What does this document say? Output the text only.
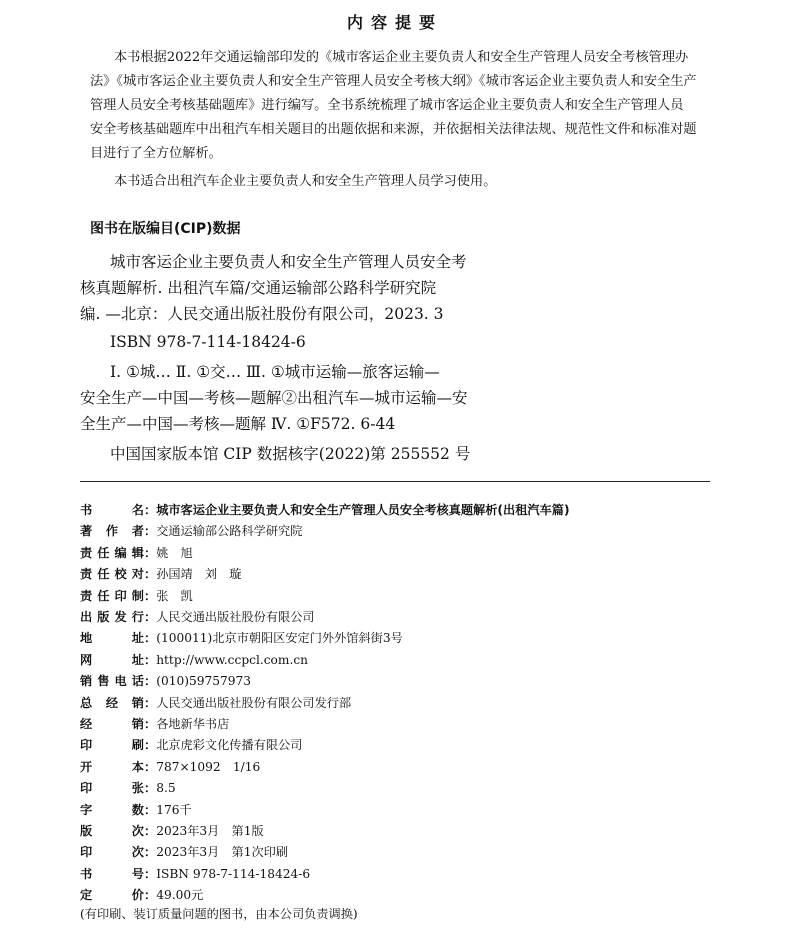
内容提要
本书根据2022年交通运输部印发的《城市客运企业主要负责人和安全生产管理人员安全考核管理办
法》《城市客运企业主要负责人和安全生产管理人员安全考核大纲》《城市客运企业主要负责人和安全生产
管理人员安全考核基础题库》进行编写。全书系统梳理了城市客运企业主要负责人和安全生产管理人员
安全考核基础题库中出租汽车相关题目的出题依据和来源，并依据相关法律法规、规范性文件和标准对题
目进行了全方位解析。
本书适合出租汽车企业主要负责人和安全生产管理人员学习使用。
图书在版编目(CIP)数据
城市客运企业主要负责人和安全生产管理人员安全考
核真题解析. 出租汽车篇/交通运输部公路科学研究院
编. —北京：人民交通出版社股份有限公司，2023. 3
ISBN 978-7-114-18424-6
Ⅰ. ①城… Ⅱ. ①交… Ⅲ. ①城市运输—旅客运输—
安全生产—中国—考核—题解②出租汽车—城市运输—安
全生产—中国—考核—题解 Ⅳ. ①F572. 6-44
中国国家版本馆 CIP 数据核字(2022)第 255552 号
书名：城市客运企业主要负责人和安全生产管理人员安全考核真题解析(出租汽车篇)
著作者：交通运输部公路科学研究院
责任编辑：姚　旭
责任校对：孙国靖　刘　璇
责任印制：张　凯
出版发行：人民交通出版社股份有限公司
地址：(100011)北京市朝阳区安定门外外馆斜街3号
网址：http://www.ccpcl.com.cn
销售电话：(010)59757973
总经销：人民交通出版社股份有限公司发行部
经销：各地新华书店
印刷：北京虎彩文化传播有限公司
开本：787×1092　1/16
印张：8.5
字数：176千
版次：2023年3月　第1版
印次：2023年3月　第1次印刷
书号：ISBN 978-7-114-18424-6
定价：49.00元
(有印刷、装订质量问题的图书，由本公司负责调换)
